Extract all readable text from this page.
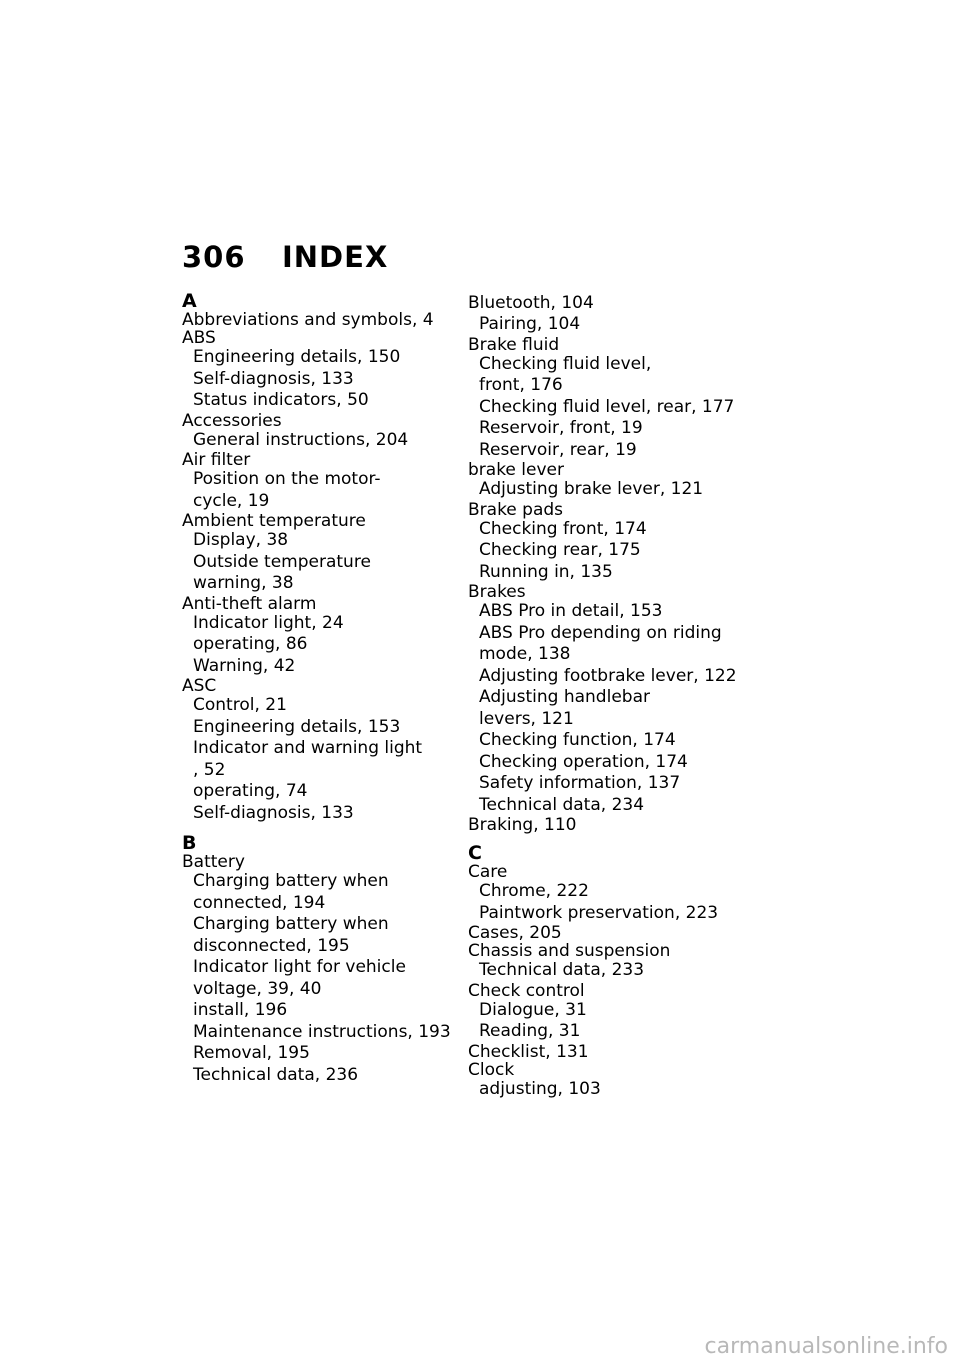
306 INDEX
A
Abbreviations and symbols, 4
ABS
Engineering details, 150
Self-diagnosis, 133
Status indicators, 50
Accessories
General instructions, 204
Air filter
Position on the motor-
cycle, 19
Ambient temperature
Display, 38
Outside temperature
warning, 38
Anti-theft alarm
Indicator light, 24
operating, 86
Warning, 42
ASC
Control, 21
Engineering details, 153
Indicator and warning light
, 52
operating, 74
Self-diagnosis, 133
B
Battery
Charging battery when
connected, 194
Charging battery when
disconnected, 195
Indicator light for vehicle
voltage, 39, 40
install, 196
Maintenance instructions, 193
Removal, 195
Technical data, 236
Bluetooth, 104
Pairing, 104
Brake fluid
Checking fluid level,
front, 176
Checking fluid level, rear, 177
Reservoir, front, 19
Reservoir, rear, 19
brake lever
Adjusting brake lever, 121
Brake pads
Checking front, 174
Checking rear, 175
Running in, 135
Brakes
ABS Pro in detail, 153
ABS Pro depending on riding
mode, 138
Adjusting footbrake lever, 122
Adjusting handlebar
levers, 121
Checking function, 174
Checking operation, 174
Safety information, 137
Technical data, 234
Braking, 110
C
Care
Chrome, 222
Paintwork preservation, 223
Cases, 205
Chassis and suspension
Technical data, 233
Check control
Dialogue, 31
Reading, 31
Checklist, 131
Clock
adjusting, 103
carmanualsonline.info
